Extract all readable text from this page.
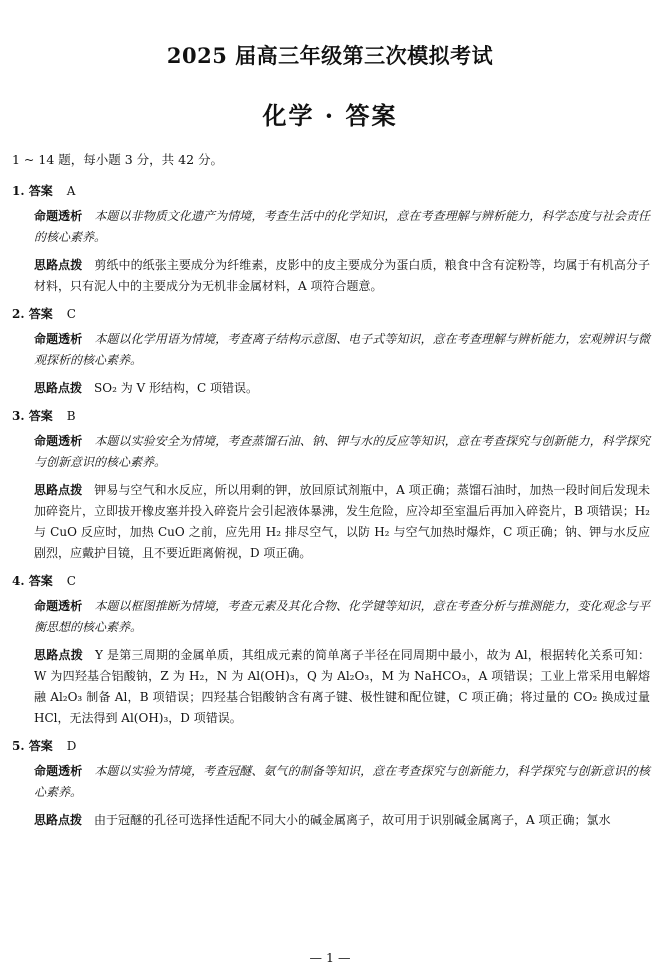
2025 届高三年级第三次模拟考试
化学 · 答案
1 ~ 14 题，每小题 3 分，共 42 分。
1. 答案 A
命题透析 本题以非物质文化遗产为情境，考查生活中的化学知识，意在考查理解与辨析能力，科学态度与社会责任的核心素养。
思路点拨 剪纸中的纸张主要成分为纤维素，皮影中的皮主要成分为蛋白质，粮食中含有淀粉等，均属于有机高分子材料，只有泥人中的主要成分为无机非金属材料，A 项符合题意。
2. 答案 C
命题透析 本题以化学用语为情境，考查离子结构示意图、电子式等知识，意在考查理解与辨析能力，宏观辨识与微观探析的核心素养。
思路点拨 SO₂ 为 V 形结构，C 项错误。
3. 答案 B
命题透析 本题以实验安全为情境，考查蒸馏石油、钠、钾与水的反应等知识，意在考查探究与创新能力，科学探究与创新意识的核心素养。
思路点拨 钾易与空气和水反应，所以用剩的钾，放回原试剂瓶中，A 项正确；蒸馏石油时，加热一段时间后发现未加碎瓷片，立即拔开橡皮塞并投入碎瓷片会引起液体暴沸，发生危险，应冷却至室温后再加入碎瓷片，B 项错误；H₂ 与 CuO 反应时，加热 CuO 之前，应先用 H₂ 排尽空气，以防 H₂ 与空气加热时爆炸，C 项正确；钠、钾与水反应剧烈，应戴护目镜，且不要近距离俯视，D 项正确。
4. 答案 C
命题透析 本题以框图推断为情境，考查元素及其化合物、化学键等知识，意在考查分析与推测能力，变化观念与平衡思想的核心素养。
思路点拨 Y 是第三周期的金属单质，其组成元素的简单离子半径在同周期中最小，故为 Al，根据转化关系可知：W 为四羟基合铝酸钠，Z 为 H₂，N 为 Al(OH)₃，Q 为 Al₂O₃，M 为 NaHCO₃，A 项错误；工业上常采用电解熔融 Al₂O₃ 制备 Al，B 项错误；四羟基合铝酸钠含有离子键、极性键和配位键，C 项正确；将过量的 CO₂ 换成过量 HCl，无法得到 Al(OH)₃，D 项错误。
5. 答案 D
命题透析 本题以实验为情境，考查冠醚、氨气的制备等知识，意在考查探究与创新能力，科学探究与创新意识的核心素养。
思路点拨 由于冠醚的孔径可选择性适配不同大小的碱金属离子，故可用于识别碱金属离子，A 项正确；氯水
— 1 —
